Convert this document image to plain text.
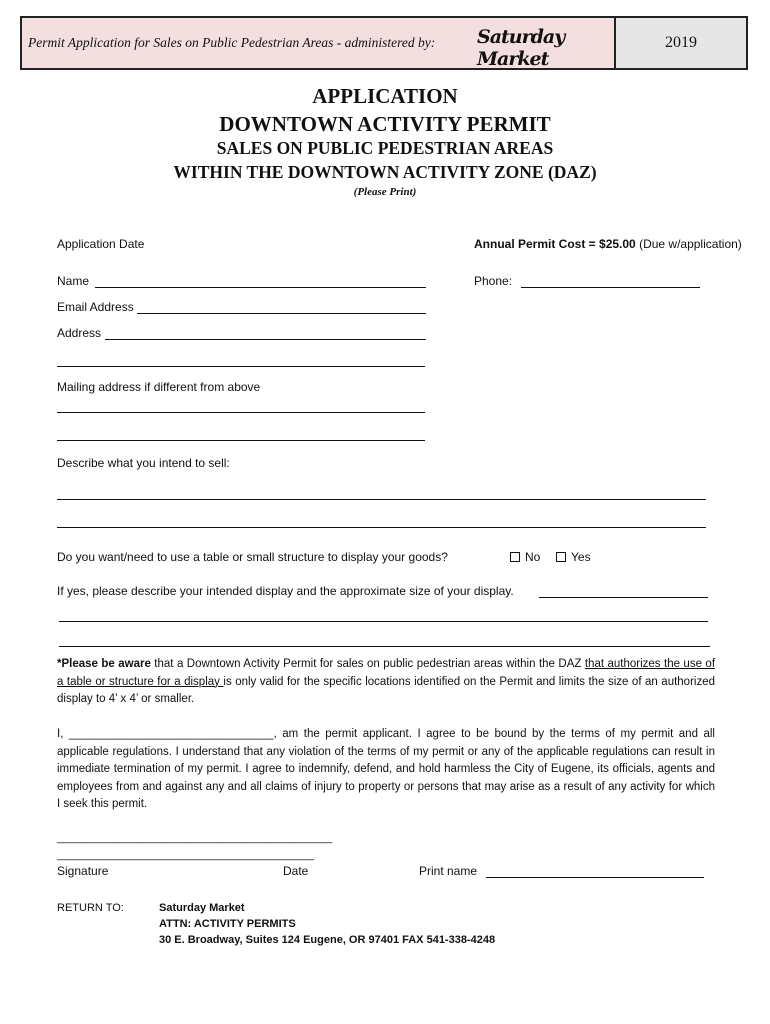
Permit Application for Sales on Public Pedestrian Areas - administered by: Saturday Market
2019
APPLICATION
DOWNTOWN ACTIVITY PERMIT
SALES ON PUBLIC PEDESTRIAN AREAS
WITHIN THE DOWNTOWN ACTIVITY ZONE (DAZ)
(Please Print)
Application Date	Annual Permit Cost = $25.00 (Due w/application)
Name	Phone:
Email Address
Address
Mailing address if different from above
Describe what you intend to sell:
Do you want/need to use a table or small structure to display your goods?	No	Yes
If yes, please describe your intended display and the approximate size of your display.
*Please be aware that a Downtown Activity Permit for sales on public pedestrian areas within the DAZ that authorizes the use of a table or structure for a display is only valid for the specific locations identified on the Permit and limits the size of an authorized display to 4’ x 4’ or smaller.
I, ________________________________, am the permit applicant. I agree to be bound by the terms of my permit and all applicable regulations. I understand that any violation of the terms of my permit or any of the applicable regulations can result in immediate termination of my permit. I agree to indemnify, defend, and hold harmless the City of Eugene, its officials, agents and employees from and against any and all claims of injury to property or persons that may arise as a result of any activity for which I seek this permit.
_____________________________________________
__________________________________________
Signature	Date	Print name
RETURN TO:	Saturday Market
ATTN: ACTIVITY PERMITS
30 E. Broadway, Suites 124 Eugene, OR 97401 FAX 541-338-4248
